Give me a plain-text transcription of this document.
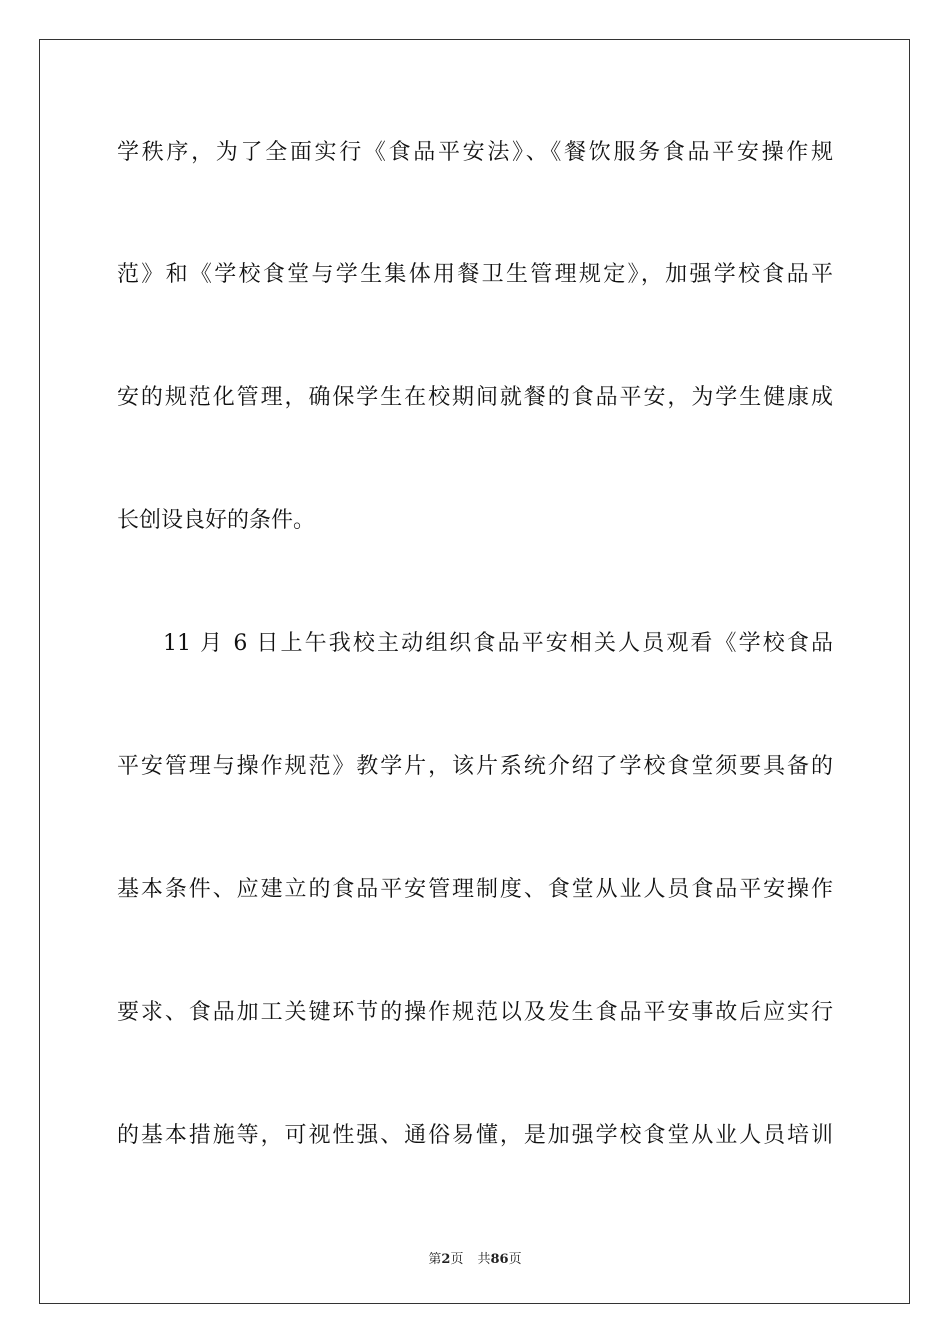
学秩序，为了全面实行《食品平安法》、《餐饮服务食品平安操作规
范》和《学校食堂与学生集体用餐卫生管理规定》，加强学校食品平
安的规范化管理，确保学生在校期间就餐的食品平安，为学生健康成
长创设良好的条件。
11 月 6 日上午我校主动组织食品平安相关人员观看《学校食品
平安管理与操作规范》教学片，该片系统介绍了学校食堂须要具备的
基本条件、应建立的食品平安管理制度、食堂从业人员食品平安操作
要求、食品加工关键环节的操作规范以及发生食品平安事故后应实行
的基本措施等，可视性强、通俗易懂，是加强学校食堂从业人员培训
第2页 共86页
